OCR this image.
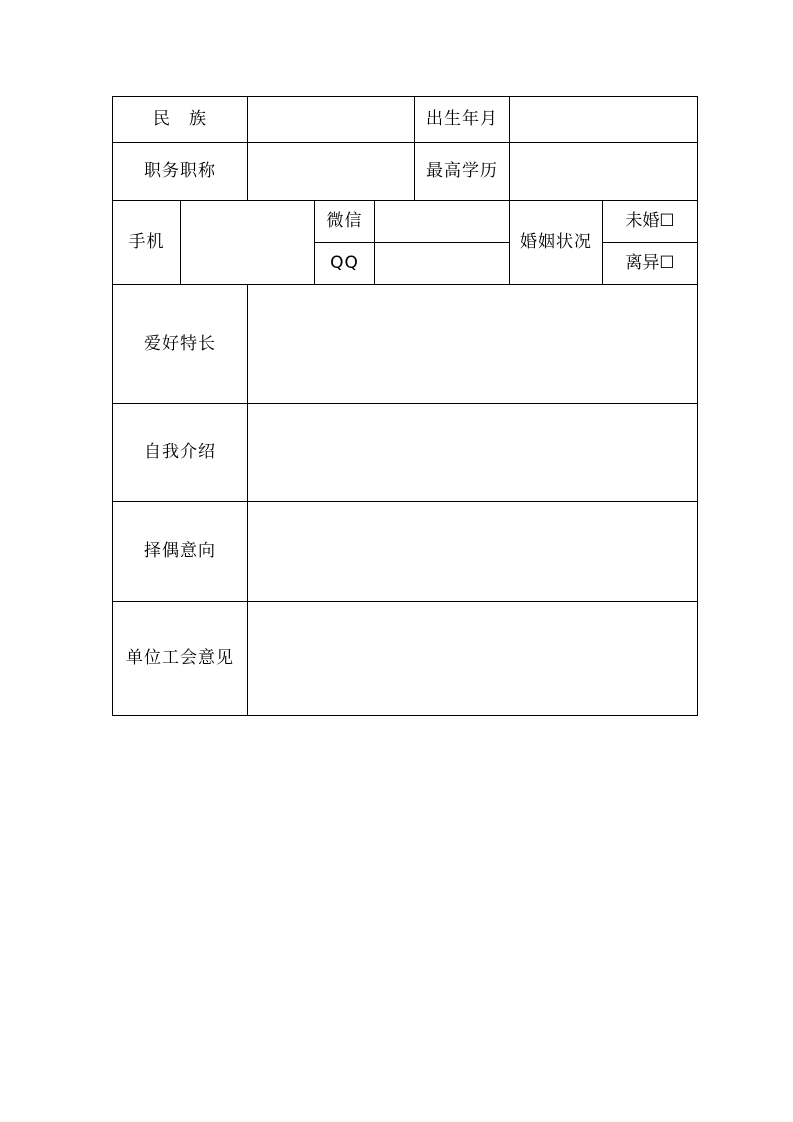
民　族					出生年月		
职务职称					最高学历		
手机			微信			婚姻状况	未婚☐
			QQ				离异☐
爱好特长							
自我介绍							
择偶意向							
单位工会意见							
